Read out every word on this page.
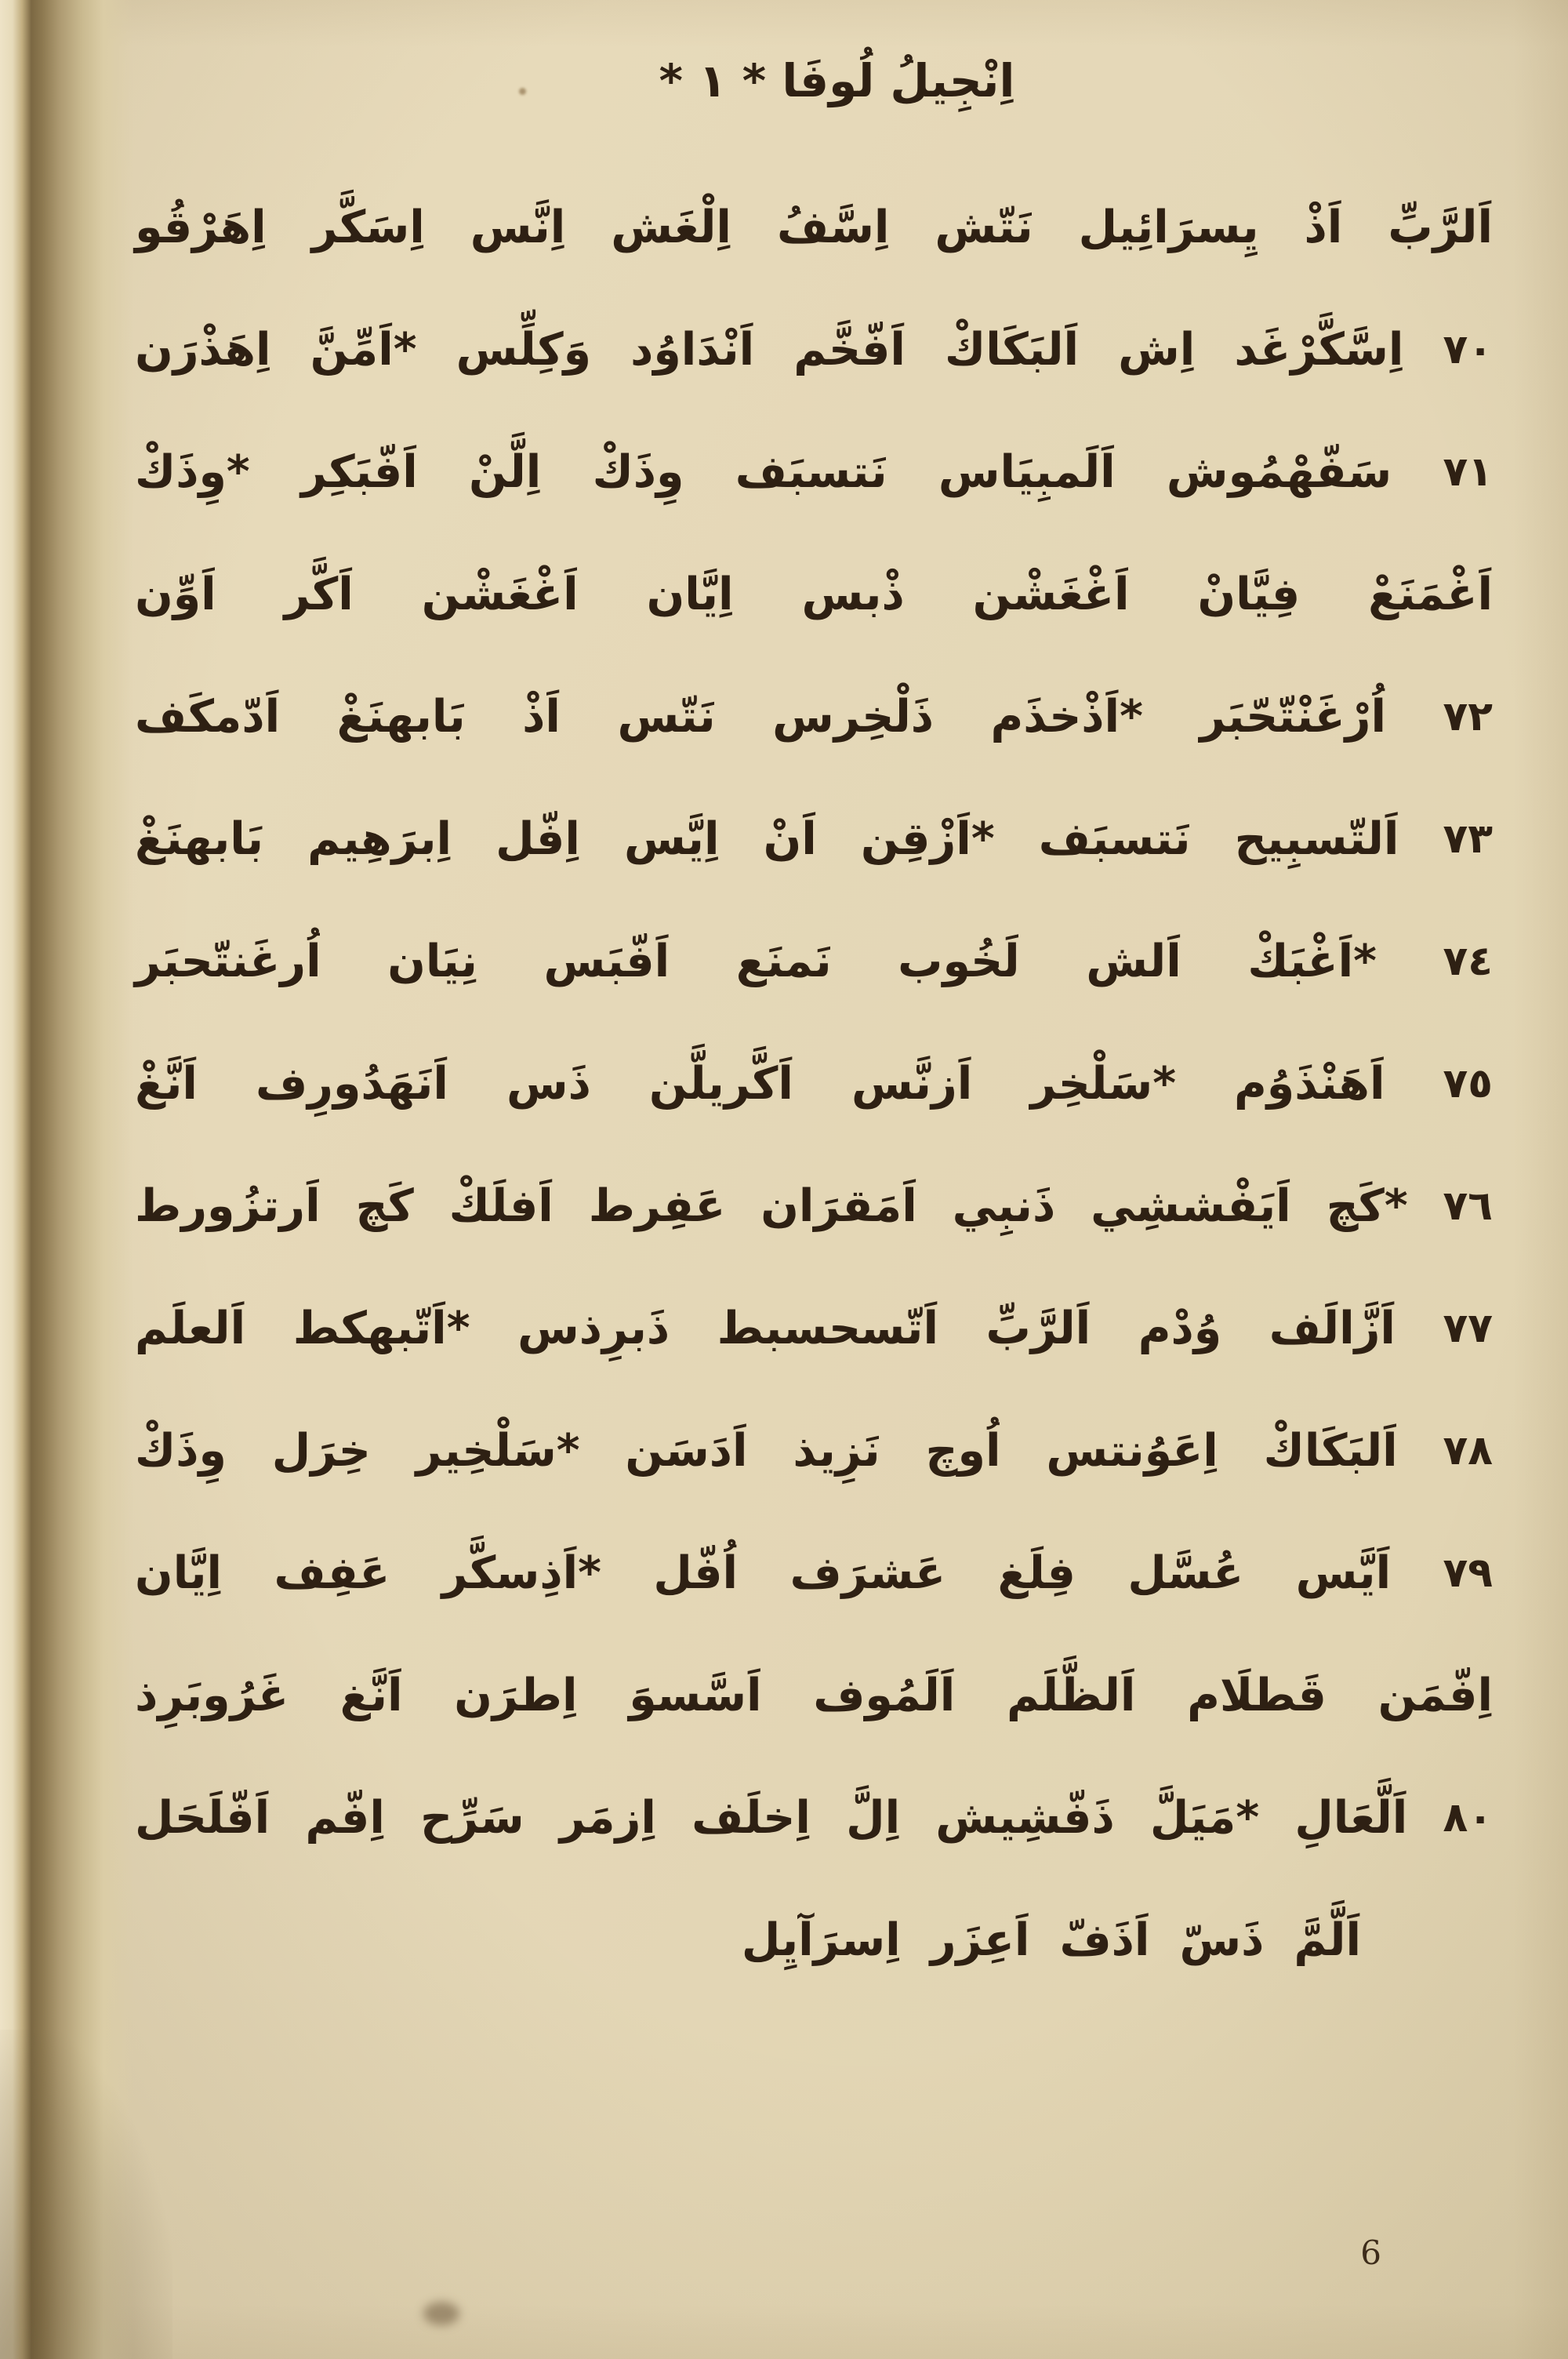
اِنْجِيلُ لُوفَا * ١ *
اَلرَّبِّ
اَذْ
يِسرَائِيل
نَتّش
اِسَّفُ
اِلْغَش
اِنَّس
اِسَكَّر
اِهَرْقُو
٧٠
اِسَّكَّرْغَد
اِش
اَلبَكَاكْ
اَفّخَّم
اَنْدَاوُد
وَكِلِّس
*اَمِّنَّ
اِهَذْرَن
٧١
سَفّهْمُوش
اَلَمبِيَاس
نَتسبَف
وِذَكْ
اِلَّنْ
اَفّبَكِر
*وِذَكْ
اَغْمَنَعْ
فِيَّانْ
اَغْغَشْن
ذْبس
اِيَّان
اَغْغَشْن
اَكَّر
اَوِّن
٧٢
اُرْغَنْتّحّبَر
*اَذْخذَم
ذَلْخِرس
نَتّس
اَذْ
بَابهنَغْ
اَدّمكَف
٧٣
اَلتّسبِيح
نَتسبَف
*اَزْقِن
اَنْ
اِيَّس
اِفّل
اِبرَهِيم
بَابهنَغْ
٧٤
*اَغْبَكْ
اَلش
لَخُوب
نَمنَع
اَفّبَس
نِيَان
اُرغَنتّحبَر
٧٥
اَهَنْذَوُم
*سَلْخِر
اَزنَّس
اَكَّريلَّن
ذَس
اَنَهَدُورِف
اَنَّغْ
٧٦
*كَچ
اَيَفْششِي
ذَنبِي
اَمَقرَان
عَفِرط
اَفلَكْ
كَچ
اَرتزُورط
٧٧
اَزَّالَف
وُدْم
اَلرَّبِّ
اَتّسحسبط
ذَبرِذس
*اَتّبهكط
اَلعلَم
٧٨
اَلبَكَاكْ
اِعَوُنتس
اُوچ
نَزِيذ
اَدَسَن
*سَلْخِير
خِرَل
وِذَكْ
٧٩
اَيَّس
عُسَّل
فِلَغ
عَشرَف
اُفّل
*اَذِسكَّر
عَفِف
اِيَّان
اِفّمَن
قَطلَام
اَلظَّلَم
اَلَمُوف
اَسَّسوَ
اِطرَن
اَنَّغ
غَرُوبَرِذ
٨٠
اَلَّعَالِ
*مَيَلَّ
ذَفّشِيش
اِلَّ
اِخلَف
اِزمَر
سَرِّح
اِفّم
اَفّلَحَل
اَلَّمَّذَسّاَذَفّاَعِزَراِسرَآيِل
6
